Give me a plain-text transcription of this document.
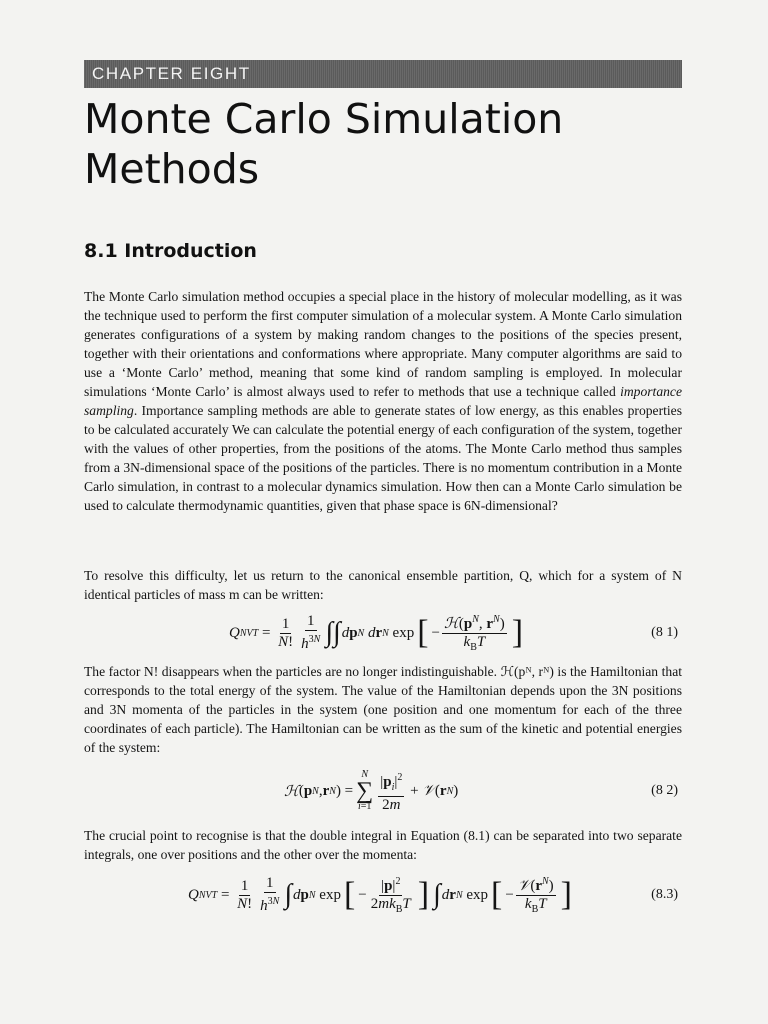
CHAPTER EIGHT
Monte Carlo Simulation
Methods
8.1 Introduction

The Monte Carlo simulation method occupies a special place in the history of molecular modelling, as it was the technique used to perform the first computer simulation of a molecular system. A Monte Carlo simulation generates configurations of a system by making random changes to the positions of the species present, together with their orientations and conformations where appropriate. Many computer algorithms are said to use a ‘Monte Carlo’ method, meaning that some kind of random sampling is employed. In molecular simulations ‘Monte Carlo’ is almost always used to refer to methods that use a technique called importance sampling. Importance sampling methods are able to generate states of low energy, as this enables properties to be calculated accurately We can calculate the potential energy of each configuration of the system, together with the values of other properties, from the positions of the atoms. The Monte Carlo method thus samples from a 3N-dimensional space of the positions of the particles. There is no momentum contribution in a Monte Carlo simulation, in contrast to a molecular dynamics simulation. How then can a Monte Carlo simulation be used to calculate thermodynamic quantities, given that phase space is 6N-dimensional?

To resolve this difficulty, let us return to the canonical ensemble partition, Q, which for a system of N identical particles of mass m can be written:

Q NVT = $\frac{1}{N!} \frac{1}{h^{3N}}$ ∫∫ d p N
d r N exp [ − $\frac{ℋ(p^N, r^N)}{k_BT}$ ]	(8 1)

The factor N! disappears when the particles are no longer indistinguishable. ℋ(pᴺ, rᴺ) is the Hamiltonian that corresponds to the total energy of the system. The value of the Hamiltonian depends upon the 3N positions and 3N momenta of the particles in the system (one position and one momentum for each of the three coordinates of each particle). The Hamiltonian can be written as the sum of the kinetic and potential energies of the system:

ℋ ( p N , r N ) =
N
∑
$i=1 \frac{|p_i|^2}{2m}$ + 𝒱 ( r N )	(8 2)

The crucial point to recognise is that the double integral in Equation (8.1) can be separated into two separate integrals, one over positions and the other over the momenta:

Q NVT = $\frac{1}{N!} \frac{1}{h^{3N}}$ ∫ d p N exp [ − $\frac{|p|^2}{2mk_BT}$ ] ∫ d r N exp [ − $\frac{𝒱(r^N)}{k_BT}$ ]	(8.3)
